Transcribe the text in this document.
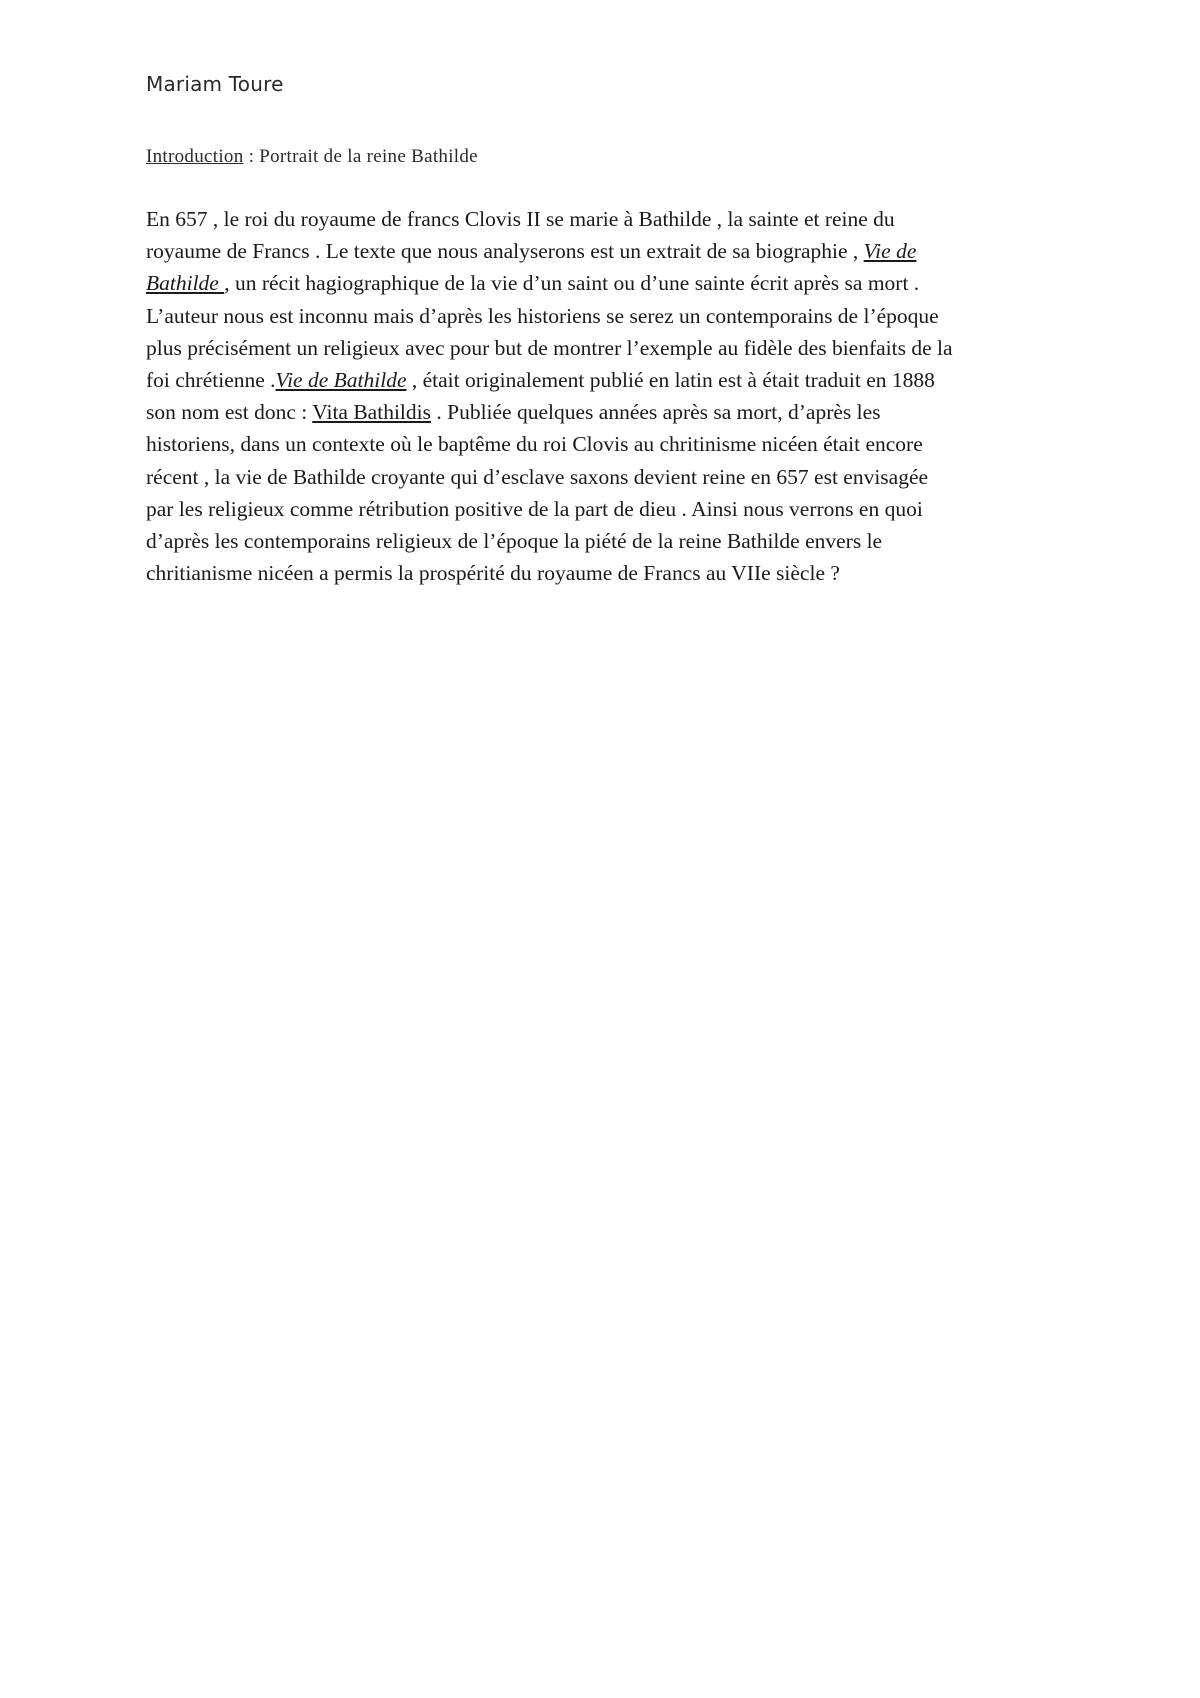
Mariam Toure
Introduction : Portrait de la reine Bathilde
En 657 , le roi du royaume de francs Clovis II se marie à Bathilde , la sainte et reine du
royaume de Francs . Le texte que nous analyserons est un extrait de sa biographie , Vie de
Bathilde , un récit hagiographique de la vie d’un saint ou d’une sainte écrit après sa mort .
L’auteur nous est inconnu mais d’après les historiens se serez un contemporains de l’époque
plus précisément un religieux avec pour but de montrer l’exemple au fidèle des bienfaits de la
foi chrétienne .Vie de Bathilde , était originalement publié en latin est à était traduit en 1888
son nom est donc : Vita Bathildis . Publiée quelques années après sa mort, d’après les
historiens, dans un contexte où le baptême du roi Clovis au chritinisme nicéen était encore
récent , la vie de Bathilde croyante qui d’esclave saxons devient reine en 657 est envisagée
par les religieux comme rétribution positive de la part de dieu . Ainsi nous verrons en quoi
d’après les contemporains religieux de l’époque la piété de la reine Bathilde envers le
chritianisme nicéen a permis la prospérité du royaume de Francs au VIIe siècle ?
